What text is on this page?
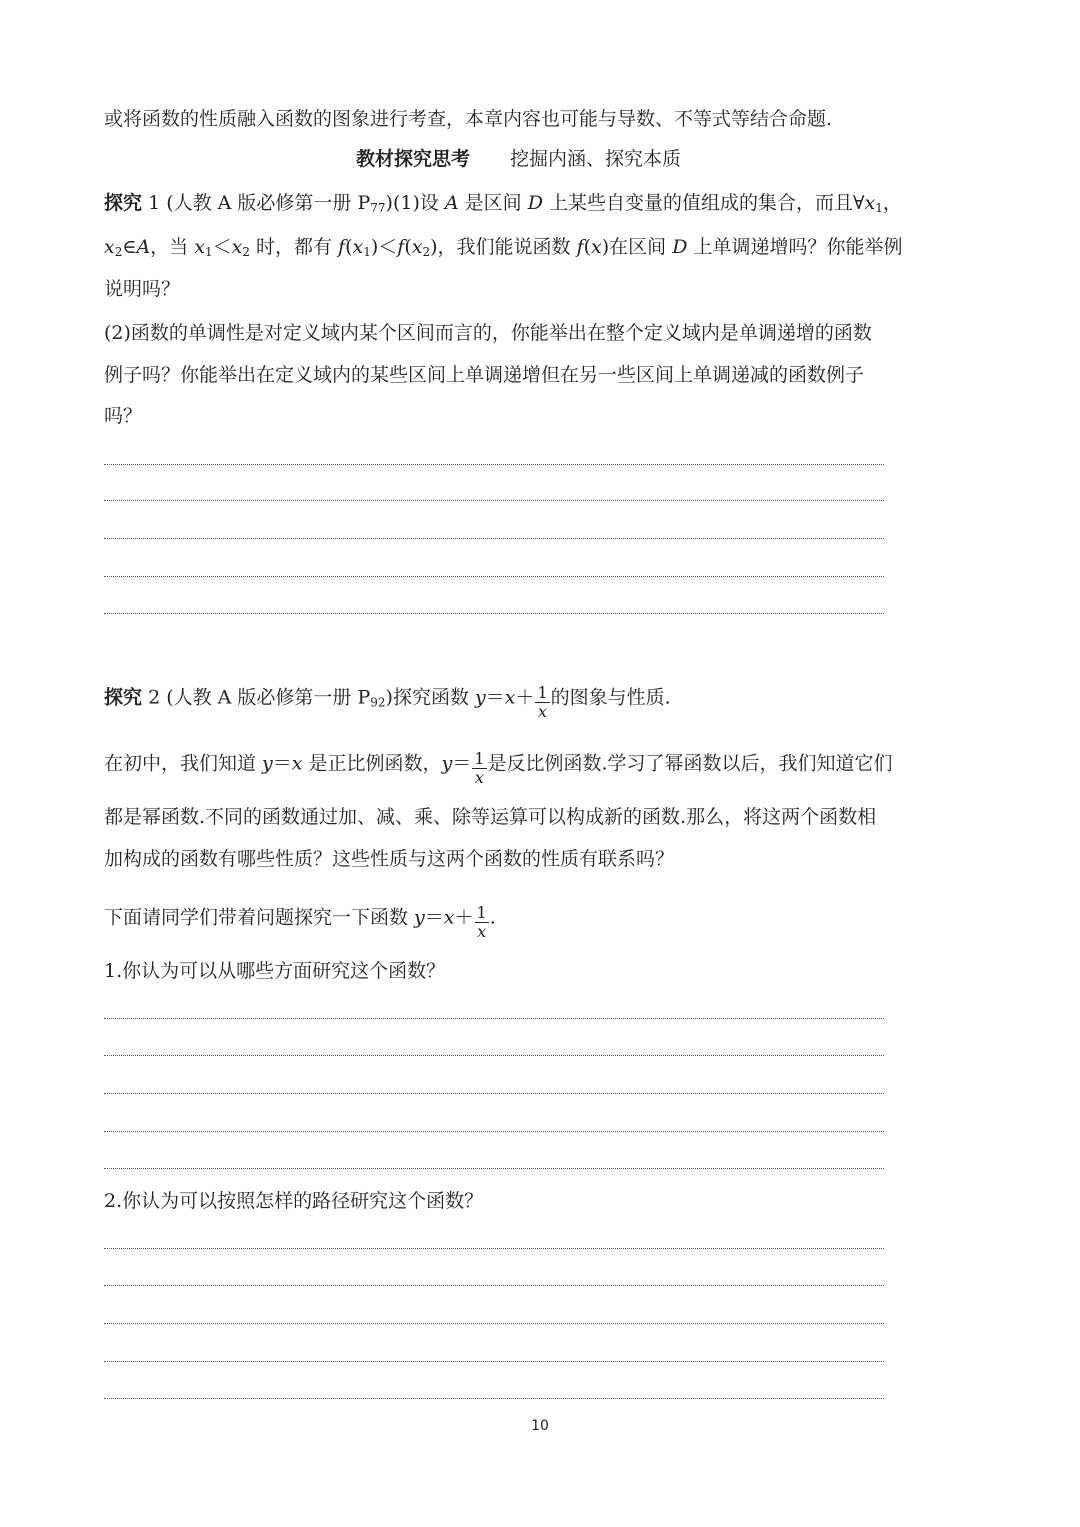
或将函数的性质融入函数的图象进行考查，本章内容也可能与导数、不等式等结合命题.
教材探究思考 挖掘内涵、探究本质
探究 1 (人教 A 版必修第一册 $P_{77})(1)$设 A 是区间 D 上某些自变量的值组成的集合，而且$\forall x_1$，
$x_2\in A$，当 $x_1<x_2$ 时，都有 $f(x_1)<f(x_2)$，我们能说函数 f(x)在区间 D 上单调递增吗？你能举例
说明吗？
(2)函数的单调性是对定义域内某个区间而言的，你能举出在整个定义域内是单调递增的函数
例子吗？你能举出在定义域内的某些区间上单调递增但在另一些区间上单调递减的函数例子
吗？
探究 2 (人教 A 版必修第一册 $P_{92}$)探究函数 $y=x+ \frac{1}{x}$ 的图象与性质.
在初中，我们知道 y＝x 是正比例函数，$y= \frac{1}{x}$ 是反比例函数.学习了幂函数以后，我们知道它们
都是幂函数.不同的函数通过加、减、乘、除等运算可以构成新的函数.那么，将这两个函数相
加构成的函数有哪些性质？这些性质与这两个函数的性质有联系吗？
下面请同学们带着问题探究一下函数 $y=x+ \frac{1}{x}$ .
1.你认为可以从哪些方面研究这个函数？
2.你认为可以按照怎样的路径研究这个函数？
10
